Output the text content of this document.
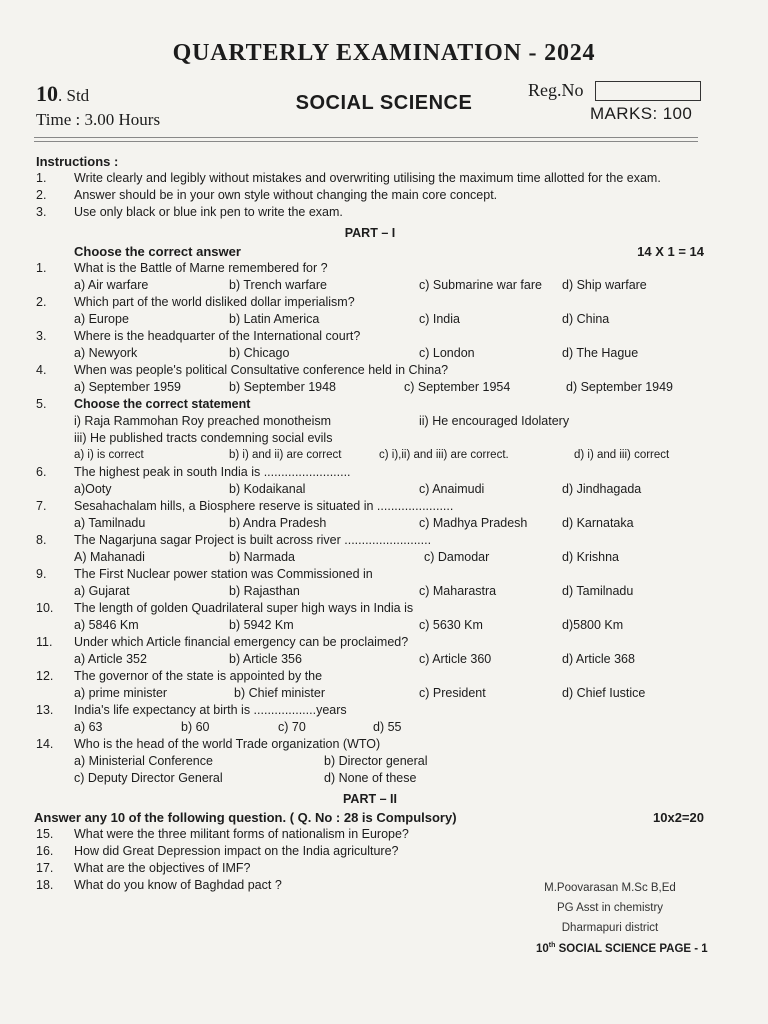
QUARTERLY EXAMINATION - 2024
10. Std
Time : 3.00 Hours
SOCIAL SCIENCE
Reg.No
MARKS: 100
Instructions :
1.	Write clearly and legibly without mistakes and overwriting utilising the maximum time allotted for the exam.
2.	Answer should be in your own style without changing the main core concept.
3.	Use only black or blue ink pen to write the exam.
PART – I
Choose the correct answer	14 X 1 = 14
1.	What is the Battle of Marne remembered for ?
a) Air warfare	b) Trench warfare	c) Submarine war fare	d) Ship warfare
2.	Which part of the world disliked dollar imperialism?
a) Europe	b) Latin America	c) India	d) China
3.	Where is the headquarter of the International court?
a) Newyork	b) Chicago	c) London	d) The Hague
4.	When was people's political Consultative conference held in China?
a) September 1959	b) September 1948	c) September 1954	d) September 1949
5.	Choose the correct statement
i) Raja Rammohan Roy preached monotheism	ii) He encouraged Idolatery
iii) He published tracts condemning social evils
a) i) is correct	b) i) and ii) are correct	c) i),ii) and iii) are correct.	d) i) and iii) correct
6.	The highest peak in south India is .........................
a)Ooty	b) Kodaikanal	c) Anaimudi	d) Jindhagada
7.	Sesahachalam hills, a Biosphere reserve is situated in ......................
a) Tamilnadu	b) Andra Pradesh	c) Madhya Pradesh	d) Karnataka
8.	The Nagarjuna sagar Project is built across river .........................
A) Mahanadi	b) Narmada	c) Damodar	d) Krishna
9.	The First Nuclear power station was Commissioned in
a) Gujarat	b) Rajasthan	c) Maharastra	d) Tamilnadu
10.	The length of golden Quadrilateral super high ways in India is
a) 5846 Km	b) 5942 Km	c) 5630 Km	d)5800 Km
11.	Under which Article financial emergency can be proclaimed?
a) Article 352	b) Article 356	c) Article 360	d) Article 368
12.	The governor of the state is appointed by the
a) prime minister	b) Chief minister	c) President	d) Chief Iustice
13.	India's life expectancy at birth is ..................years
a) 63	b) 60	c) 70	d) 55
14.	Who is the head of the world Trade organization (WTO)
a) Ministerial Conference	b) Director general
c) Deputy Director General	d) None of these
PART – II
Answer any 10 of the following question. ( Q. No : 28 is Compulsory)	10x2=20
15.	What were the three militant forms of nationalism in Europe?
16.	How did Great Depression impact on the India agriculture?
17.	What are the objectives of IMF?
18.	What do you know of Baghdad pact ?	M.Poovarasan M.Sc B,Ed
PG Asst in chemistry
Dharmapuri district
10th SOCIAL SCIENCE PAGE - 1
